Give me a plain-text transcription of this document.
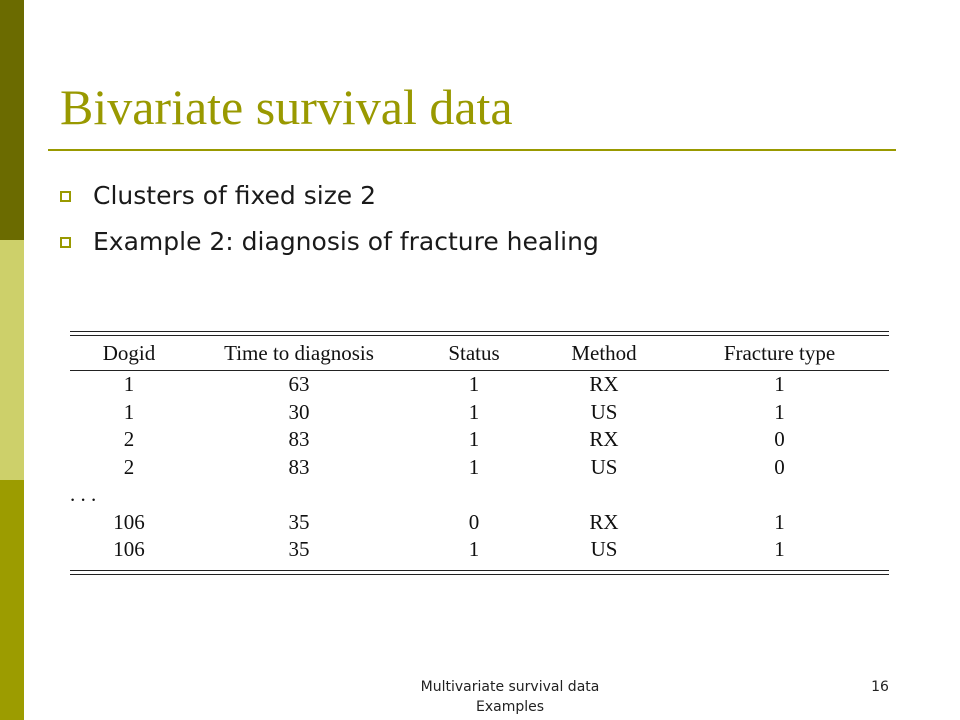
Bivariate survival data
Clusters of fixed size 2
Example 2: diagnosis of fracture healing
Dogid	Time to diagnosis	Status	Method	Fracture type

1	63	1	RX	1
1	30	1	US	1
2	83	1	RX	0
2	83	1	US	0
. . .				
106	35	0	RX	1
106	35	1	US	1
Multivariate survival data
Examples
16
